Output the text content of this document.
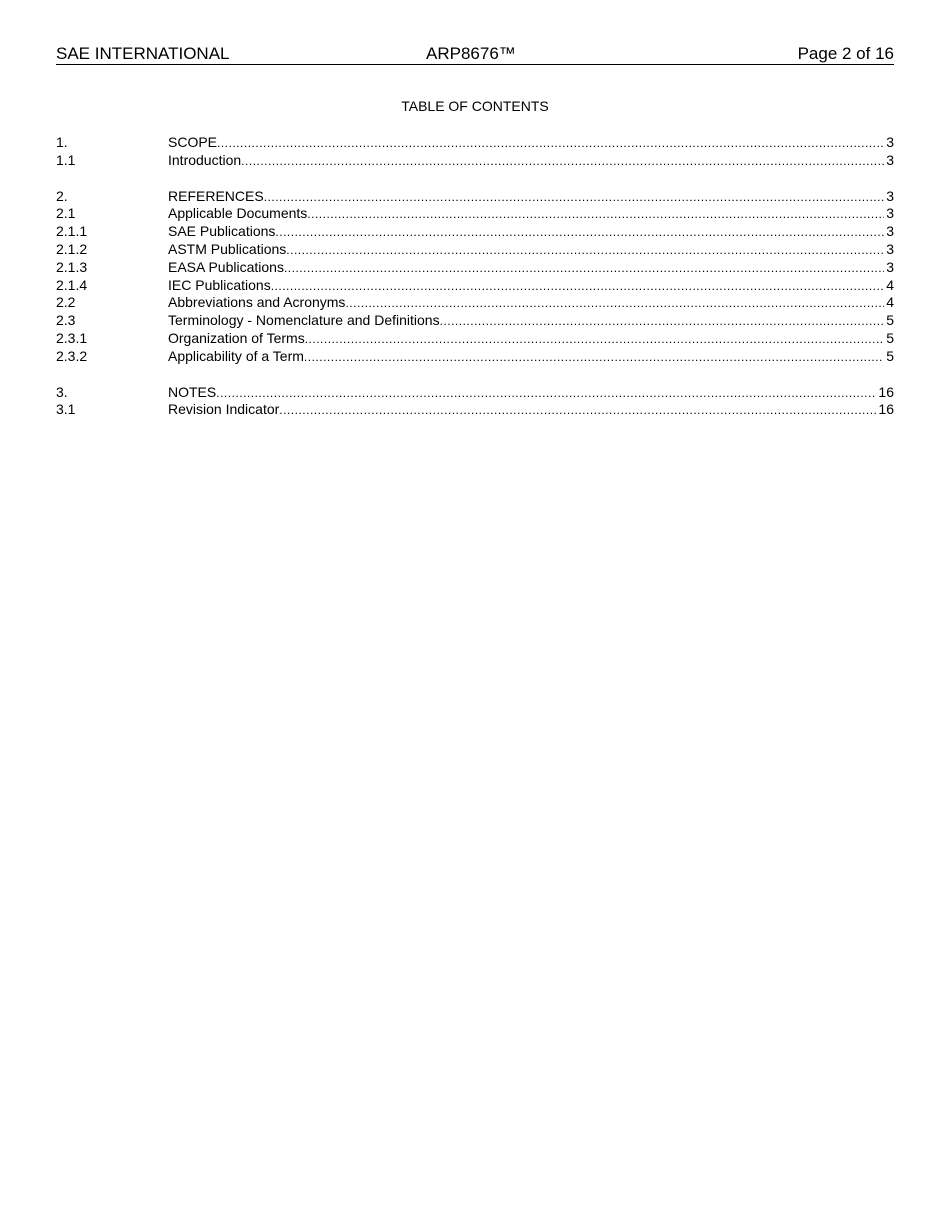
SAE INTERNATIONAL	ARP8676™	Page 2 of 16
TABLE OF CONTENTS
1.	SCOPE .....	3
1.1	Introduction .....	3
2.	REFERENCES .....	3
2.1	Applicable Documents .....	3
2.1.1	SAE Publications .....	3
2.1.2	ASTM Publications .....	3
2.1.3	EASA Publications .....	3
2.1.4	IEC Publications .....	4
2.2	Abbreviations and Acronyms .....	4
2.3	Terminology - Nomenclature and Definitions .....	5
2.3.1	Organization of Terms .....	5
2.3.2	Applicability of a Term .....	5
3.	NOTES .....	16
3.1	Revision Indicator .....	16
